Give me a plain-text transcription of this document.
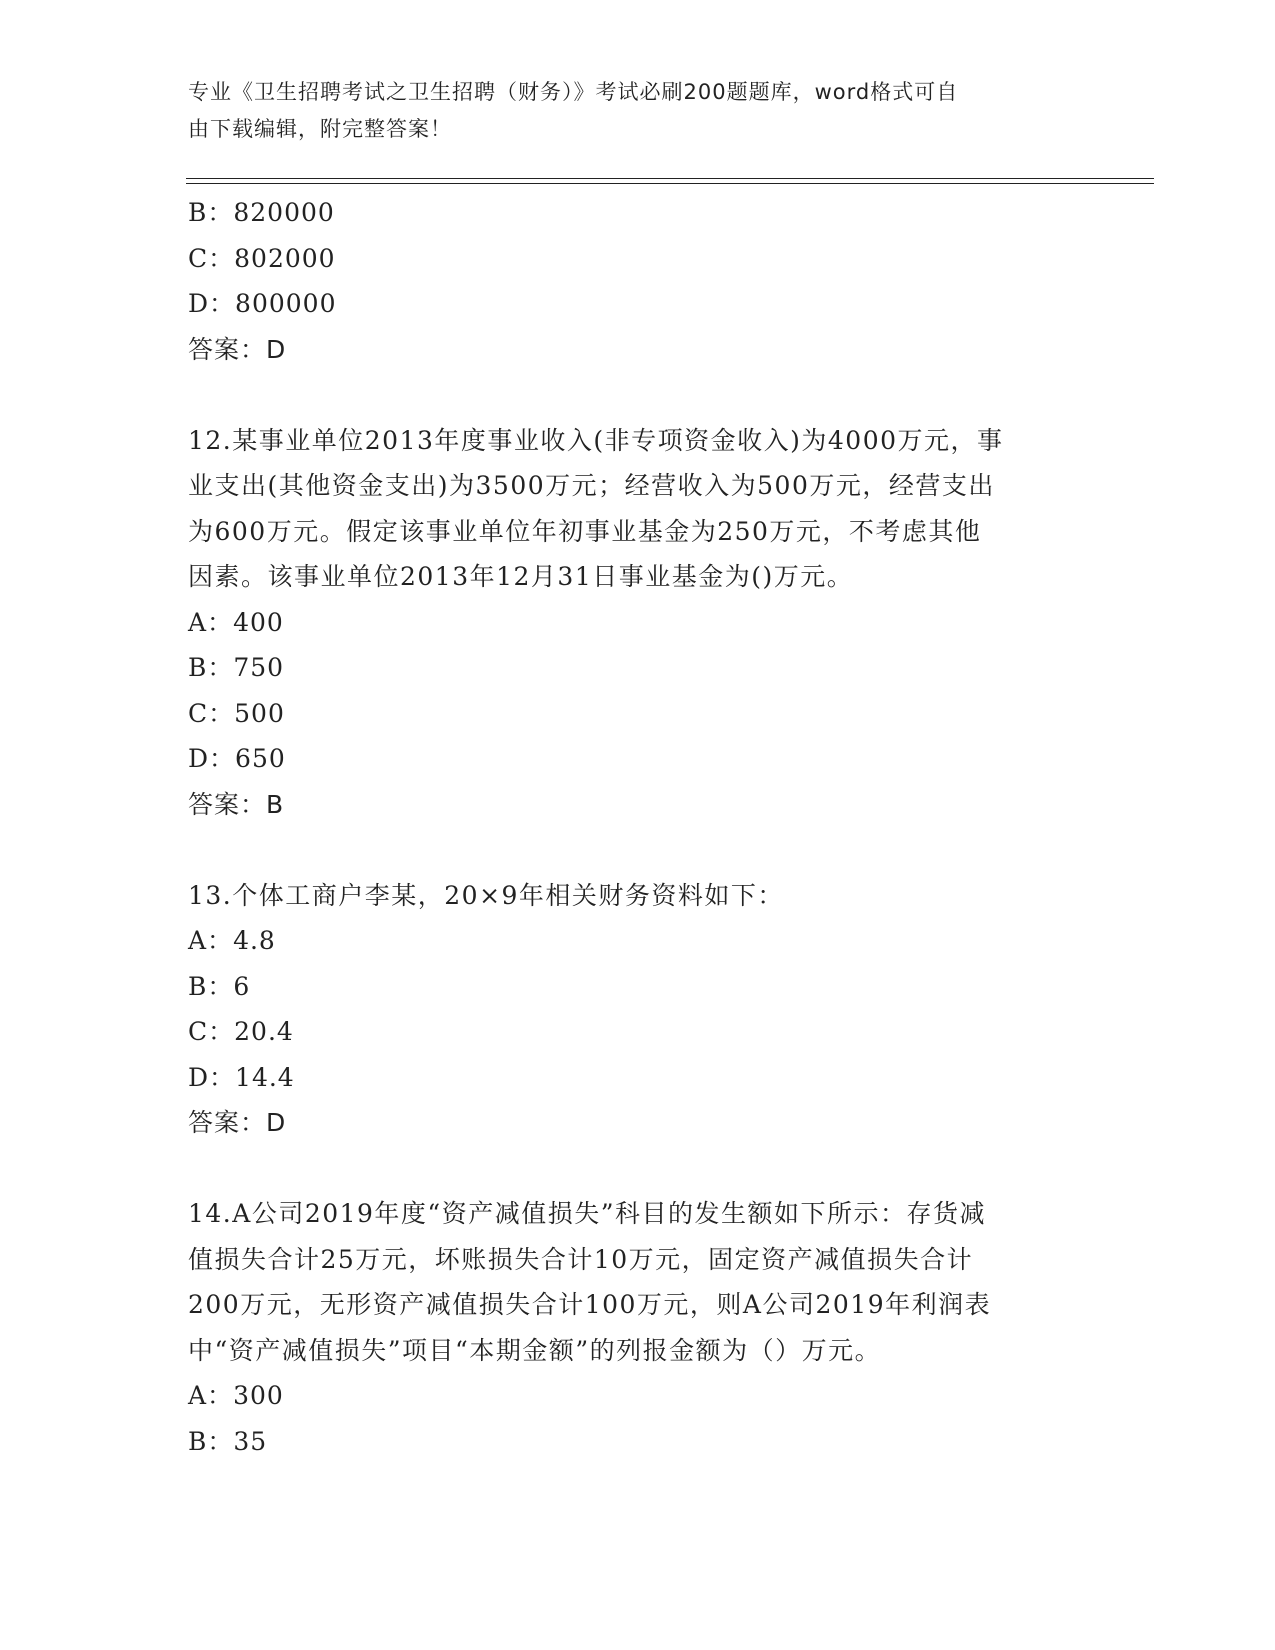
专业《卫生招聘考试之卫生招聘（财务）》考试必刷200题题库，word格式可自
由下载编辑，附完整答案！
B：820000
C：802000
D：800000
答案：D
12.某事业单位2013年度事业收入(非专项资金收入)为4000万元，事
业支出(其他资金支出)为3500万元；经营收入为500万元，经营支出
为600万元。假定该事业单位年初事业基金为250万元，不考虑其他
因素。该事业单位2013年12月31日事业基金为()万元。
A：400
B：750
C：500
D：650
答案：B
13.个体工商户李某，20×9年相关财务资料如下：
A：4.8
B：6
C：20.4
D：14.4
答案：D
14.A公司2019年度“资产减值损失”科目的发生额如下所示：存货减
值损失合计25万元，坏账损失合计10万元，固定资产减值损失合计
200万元，无形资产减值损失合计100万元，则A公司2019年利润表
中“资产减值损失”项目“本期金额”的列报金额为（）万元。
A：300
B：35
